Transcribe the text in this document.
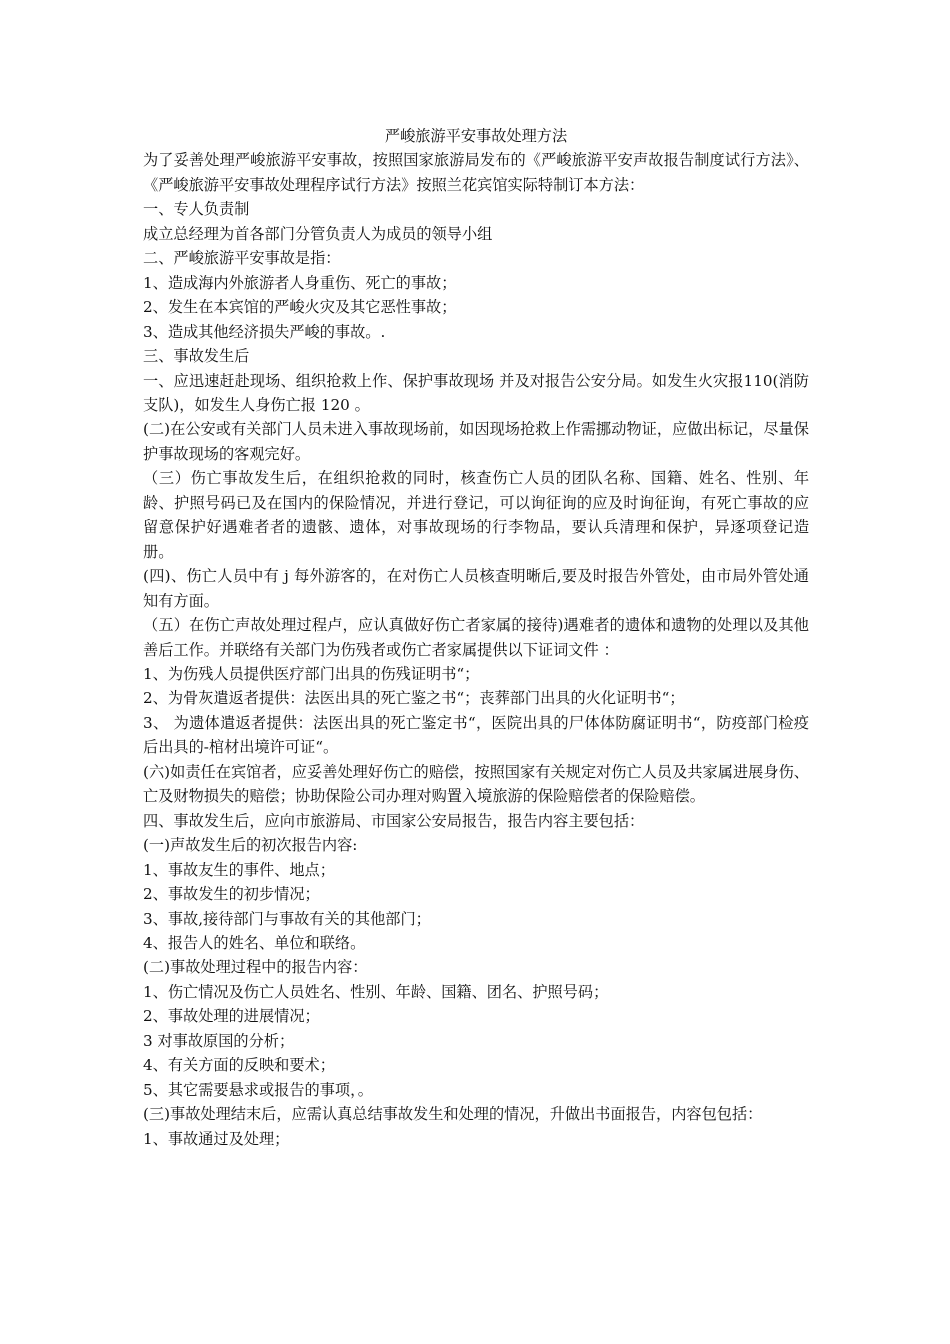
严峻旅游平安事故处理方法

为了妥善处理严峻旅游平安事故，按照国家旅游局发布的《严峻旅游平安声故报告制度试行方法》、《严峻旅游平安事故处理程序试行方法》按照兰花宾馆实际特制订本方法：

一、专人负责制

成立总经理为首各部门分管负责人为成员的领导小组

二、严峻旅游平安事故是指：

1、造成海内外旅游者人身重伤、死亡的事故；

2、发生在本宾馆的严峻火灾及其它恶性事故；

3、造成其他经济损失严峻的事故。.

三、事故发生后

一、应迅速赶赴现场、组织抢救上作、保护事故现场 并及对报告公安分局。如发生火灾报110(消防支队)，如发生人身伤亡报 120 。

(二)在公安或有关部门人员未进入事故现场前，如因现场抢救上作需挪动物证，应做出标记，尽量保护事故现场的客观完好。

（三）伤亡事故发生后，在组织抢救的同时，核查伤亡人员的团队名称、国籍、姓名、性别、年龄、护照号码已及在国内的保险情况，并进行登记，可以询征询的应及时询征询，有死亡事故的应留意保护好遇难者者的遗骸、遗体，对事故现场的行李物品，要认兵清理和保护，异逐项登记造册。

(四)、伤亡人员中有 j 每外游客的，在对伤亡人员核查明晰后,要及时报告外管处，由市局外管处通知有方面。

（五）在伤亡声故处理过程卢，应认真做好伤亡者家属的接待)遇难者的遗体和遗物的处理以及其他善后工作。并联络有关部门为伤残者或伤亡者家属提供以下证词文件 ：

1、为伤残人员提供医疗部门出具的伤残证明书“；

2、为骨灰遣返者提供：法医出具的死亡鉴之书“；丧葬部门出具的火化证明书“；

3、 为遗体遣返者提供：法医出具的死亡鉴定书“，医院出具的尸体体防腐证明书“，防疫部门检疫后出具的-棺材出境许可证“。

(六)如责任在宾馆者，应妥善处理好伤亡的赔偿，按照国家有关规定对伤亡人员及共家属进展身伤、亡及财物损失的赔偿；协助保险公司办理对购置入境旅游的保险赔偿者的保险赔偿。

四、事故发生后，应向市旅游局、市国家公安局报告，报告内容主要包括：

(一)声故发生后的初次报告内容:

1、事故友生的事件、地点；

2、事故发生的初步情况；

3、事故,接待部门与事故有关的其他部门；

4、报告人的姓名、单位和联络。

(二)事故处理过程中的报告内容：

1、伤亡情况及伤亡人员姓名、性别、年龄、国籍、团名、护照号码；

2、事故处理的进展情况；

3 对事故原国的分析；

4、有关方面的反映和要术；

5、其它需要悬求或报告的事项，。

(三)事故处理结末后，应需认真总结事故发生和处理的情况，升做出书面报告，内容包包括：

1、事故通过及处理；
